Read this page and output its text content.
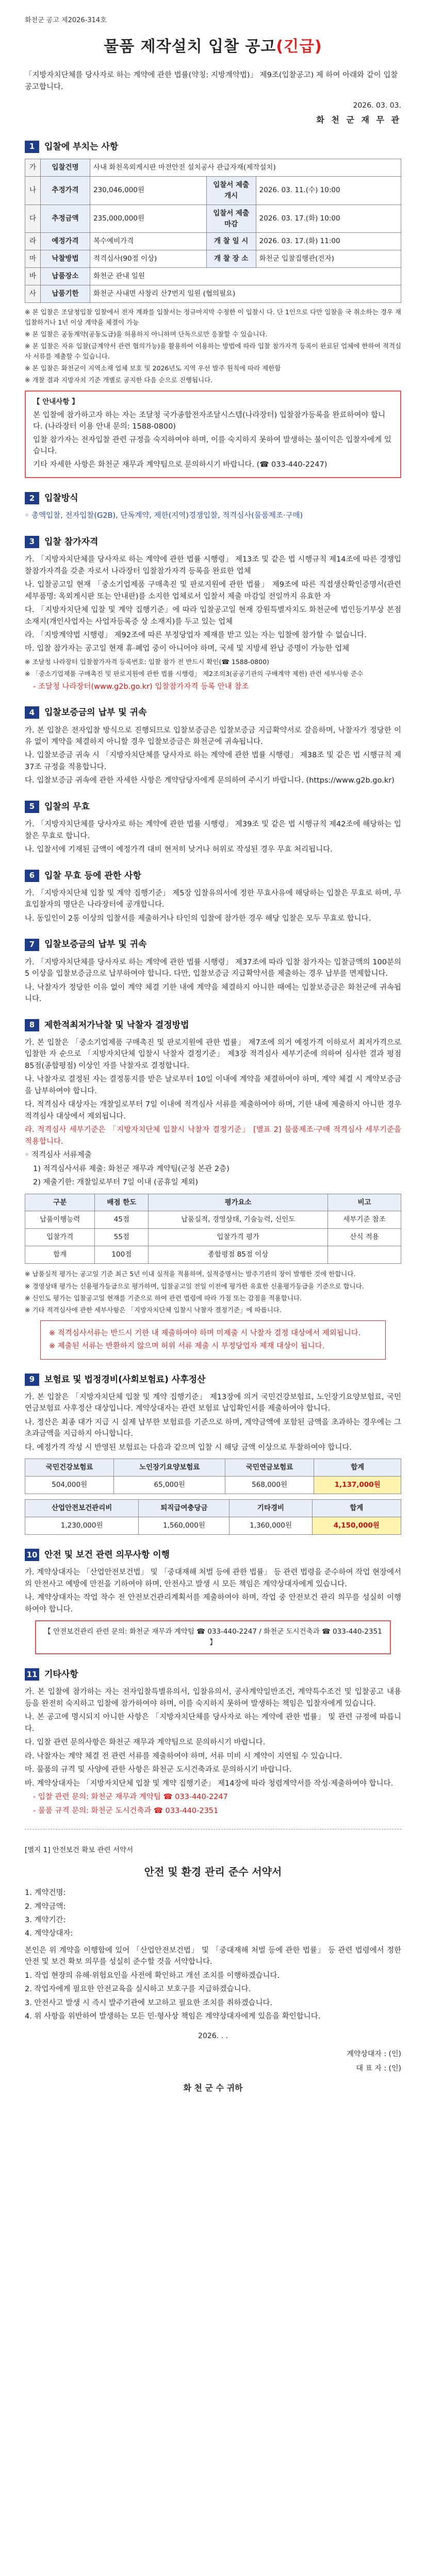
화천군 공고 제2026-314호
물품 제작설치 입찰 공고(긴급)
「지방자치단체를 당사자로 하는 계약에 관한 법률(약칭: 지방계약법)」 제9조(입찰공고) 제 하여 아래와 같이 입찰 공고합니다.
2026. 03. 03.
화 천 군 재 무 관
1	입찰에 부치는 사항
가	입찰건명	사내 화천옥외게시판 마전안전 설치공사 관급자재(제작설치)		
나	추정가격	230,046,000원	입찰서 제출 개시	2026. 03. 11.(수) 10:00
다	추정금액	235,000,000원	입찰서 제출 마감	2026. 03. 17.(화) 10:00
라	예정가격	복수예비가격	개 찰 일 시	2026. 03. 17.(화) 11:00
마	낙찰방법	적격심사(90점 이상)	개 찰 장 소	화천군 입찰집행관(전자)
바	납품장소	화천군 관내 일원		
사	납품기한	화천군 사내면 사창리 산7번지 일원 (협의필요)		
※ 본 입찰은 조달청입찰 입찰에서 전자 계좌를 입찰서는 정규마지막 수정한 이 입찰시 다. 단 1인으로 다만 입찰을 국 취소하는 경우 재입찰하거나 1년 이상 계약을 체결이 가능
※ 본 입찰은 공동계약(공동도급)을 허용하지 아니하며 단독으로만 응찰할 수 있습니다.
※ 본 입찰은 자유 입찰(금계약서 관련 협의가능)을 활용하여 이용하는 방법에 따라 입찰 참가자격 등록이 완료된 업체에 한하여 적격심사 서류를 제출할 수 있습니다.
※ 본 입찰은 화천군이 지역소재 업체 보호 및 2026년도 지역 우선 발주 원칙에 따라 제한함
※ 개찰 결과 지방자치 기준 개별로 공지한 다음 순으로 진행됩니다.
【 안내사항 】
본 입찰에 참가하고자 하는 자는 조달청 국가종합전자조달시스템(나라장터) 입찰참가등록을 완료하여야 합니다. (나라장터 이용 안내 문의: 1588-0800)
입찰 참가자는 전자입찰 관련 규정을 숙지하여야 하며, 이를 숙지하지 못하여 발생하는 불이익은 입찰자에게 있습니다.
기타 자세한 사항은 화천군 재무과 계약팀으로 문의하시기 바랍니다. (☎ 033-440-2247)
2	입찰방식
◦ 총액입찰, 전자입찰(G2B), 단독계약, 제한(지역)경쟁입찰, 적격심사(물품제조·구매)
3	입찰 참가자격
가. 「지방자치단체를 당사자로 하는 계약에 관한 법률 시행령」 제13조 및 같은 법 시행규칙 제14조에 따른 경쟁입찰참가자격을 갖춘 자로서 나라장터 입찰참가자격 등록을 완료한 업체
나. 입찰공고일 현재 「중소기업제품 구매촉진 및 판로지원에 관한 법률」 제9조에 따른 직접생산확인증명서(관련 세부품명: 옥외게시판 또는 안내판)를 소지한 업체로서 입찰서 제출 마감일 전일까지 유효한 자
다. 「지방자치단체 입찰 및 계약 집행기준」에 따라 입찰공고일 현재 강원특별자치도 화천군에 법인등기부상 본점 소재지(개인사업자는 사업자등록증 상 소재지)를 두고 있는 업체
라. 「지방계약법 시행령」 제92조에 따른 부정당업자 제재를 받고 있는 자는 입찰에 참가할 수 없습니다.
마. 입찰 참가자는 공고일 현재 휴·폐업 중이 아니어야 하며, 국세 및 지방세 완납 증명이 가능한 업체
※ 조달청 나라장터 입찰참가자격 등록번호: 입찰 참가 전 반드시 확인(☎ 1588-0800)
※ 「중소기업제품 구매촉진 및 판로지원에 관한 법률 시행령」 제2조의3(공공기관의 구매계약 제한) 관련 세부사항 준수
- 조달청 나라장터(www.g2b.go.kr) 입찰참가자격 등록 안내 참조
4	입찰보증금의 납부 및 귀속
가. 본 입찰은 전자입찰 방식으로 진행되므로 입찰보증금은 입찰보증금 지급확약서로 갈음하며, 낙찰자가 정당한 이유 없이 계약을 체결하지 아니할 경우 입찰보증금은 화천군에 귀속됩니다.
나. 입찰보증금 귀속 시 「지방자치단체를 당사자로 하는 계약에 관한 법률 시행령」 제38조 및 같은 법 시행규칙 제37조 규정을 적용합니다.
다. 입찰보증금 귀속에 관한 자세한 사항은 계약담당자에게 문의하여 주시기 바랍니다. (https://www.g2b.go.kr)
5	입찰의 무효
가. 「지방자치단체를 당사자로 하는 계약에 관한 법률 시행령」 제39조 및 같은 법 시행규칙 제42조에 해당하는 입찰은 무효로 합니다.
나. 입찰서에 기재된 금액이 예정가격 대비 현저히 낮거나 허위로 작성된 경우 무효 처리됩니다.
6	입찰 무효 등에 관한 사항
가. 「지방자치단체 입찰 및 계약 집행기준」 제5장 입찰유의서에 정한 무효사유에 해당하는 입찰은 무효로 하며, 무효입찰자의 명단은 나라장터에 공개합니다.
나. 동일인이 2통 이상의 입찰서를 제출하거나 타인의 입찰에 참가한 경우 해당 입찰은 모두 무효로 합니다.
7	입찰보증금의 납부 및 귀속
가. 「지방자치단체를 당사자로 하는 계약에 관한 법률 시행령」 제37조에 따라 입찰 참가자는 입찰금액의 100분의 5 이상을 입찰보증금으로 납부하여야 합니다. 다만, 입찰보증금 지급확약서를 제출하는 경우 납부를 면제합니다.
나. 낙찰자가 정당한 이유 없이 계약 체결 기한 내에 계약을 체결하지 아니한 때에는 입찰보증금은 화천군에 귀속됩니다.
8	제한적최저가낙찰 및 낙찰자 결정방법
가. 본 입찰은 「중소기업제품 구매촉진 및 판로지원에 관한 법률」 제7조에 의거 예정가격 이하로서 최저가격으로 입찰한 자 순으로 「지방자치단체 입찰시 낙찰자 결정기준」 제3장 적격심사 세부기준에 의하여 심사한 결과 평점 85점(종합평점) 이상인 자를 낙찰자로 결정합니다.
나. 낙찰자로 결정된 자는 결정통지를 받은 날로부터 10일 이내에 계약을 체결하여야 하며, 계약 체결 시 계약보증금을 납부하여야 합니다.
다. 적격심사 대상자는 개찰일로부터 7일 이내에 적격심사 서류를 제출하여야 하며, 기한 내에 제출하지 아니한 경우 적격심사 대상에서 제외됩니다.
라. 적격심사 세부기준은 「지방자치단체 입찰시 낙찰자 결정기준」 [별표 2] 물품제조·구매 적격심사 세부기준을 적용합니다.
◦ 적격심사 서류제출
1) 적격심사서류 제출: 화천군 재무과 계약팀(군청 본관 2층)
2) 제출기한: 개찰일로부터 7일 이내 (공휴일 제외)
구분	배점 한도	평가요소	비고
납품이행능력	45점	납품실적, 경영상태, 기술능력, 신인도	세부기준 참조
입찰가격	55점	입찰가격 평가	산식 적용
합계	100점	종합평점 85점 이상	
※ 납품실적 평가는 공고일 기준 최근 5년 이내 실적을 적용하며, 실적증명서는 발주기관의 장이 발행한 것에 한합니다.
※ 경영상태 평가는 신용평가등급으로 평가하며, 입찰공고일 전일 이전에 평가한 유효한 신용평가등급을 기준으로 합니다.
※ 신인도 평가는 입찰공고일 현재를 기준으로 하여 관련 법령에 따라 가점 또는 감점을 적용합니다.
※ 기타 적격심사에 관한 세부사항은 「지방자치단체 입찰시 낙찰자 결정기준」에 따릅니다.
※ 적격심사서류는 반드시 기한 내 제출하여야 하며 미제출 시 낙찰자 결정 대상에서 제외됩니다.
※ 제출된 서류는 반환하지 않으며 허위 서류 제출 시 부정당업자 제재 대상이 됩니다.
9	보험료 및 법정경비(사회보험료) 사후정산
가. 본 입찰은 「지방자치단체 입찰 및 계약 집행기준」 제13장에 의거 국민건강보험료, 노인장기요양보험료, 국민연금보험료 사후정산 대상입니다. 계약상대자는 관련 보험료 납입확인서를 제출하여야 합니다.
나. 정산은 최종 대가 지급 시 실제 납부한 보험료를 기준으로 하며, 계약금액에 포함된 금액을 초과하는 경우에는 그 초과금액을 지급하지 아니합니다.
다. 예정가격 작성 시 반영된 보험료는 다음과 같으며 입찰 시 해당 금액 이상으로 투찰하여야 합니다.
국민건강보험료	노인장기요양보험료	국민연금보험료	합계
504,000원	65,000원	568,000원	1,137,000원
산업안전보건관리비	퇴직급여충당금	기타경비	합계
1,230,000원	1,560,000원	1,360,000원	4,150,000원
10 안전 및 보건 관련 의무사항 이행
가. 계약상대자는 「산업안전보건법」 및 「중대재해 처벌 등에 관한 법률」 등 관련 법령을 준수하여 작업 현장에서의 안전사고 예방에 만전을 기하여야 하며, 안전사고 발생 시 모든 책임은 계약상대자에게 있습니다.
나. 계약상대자는 작업 착수 전 안전보건관리계획서를 제출하여야 하며, 작업 중 안전보건 관리 의무를 성실히 이행하여야 합니다.
【 안전보건관리 관련 문의: 화천군 재무과 계약팀 ☎ 033-440-2247 / 화천군 도시건축과 ☎ 033-440-2351 】
11 기타사항
가. 본 입찰에 참가하는 자는 전자입찰특별유의서, 입찰유의서, 공사계약일반조건, 계약특수조건 및 입찰공고 내용 등을 완전히 숙지하고 입찰에 참가하여야 하며, 이를 숙지하지 못하여 발생하는 책임은 입찰자에게 있습니다.
나. 본 공고에 명시되지 아니한 사항은 「지방자치단체를 당사자로 하는 계약에 관한 법률」 및 관련 규정에 따릅니다.
다. 입찰 관련 문의사항은 화천군 재무과 계약팀으로 문의하시기 바랍니다.
라. 낙찰자는 계약 체결 전 관련 서류를 제출하여야 하며, 서류 미비 시 계약이 지연될 수 있습니다.
마. 물품의 규격 및 사양에 관한 사항은 화천군 도시건축과로 문의하시기 바랍니다.
바. 계약상대자는 「지방자치단체 입찰 및 계약 집행기준」 제14장에 따라 청렴계약서를 작성·제출하여야 합니다.
- 입찰 관련 문의: 화천군 재무과 계약팀 ☎ 033-440-2247
- 물품 규격 문의: 화천군 도시건축과 ☎ 033-440-2351
[별지 1] 안전보건 확보 관련 서약서
안전 및 환경 관리 준수 서약서
1. 계약건명:
2. 계약금액:
3. 계약기간:
4. 계약상대자:
본인은 위 계약을 이행함에 있어 「산업안전보건법」 및 「중대재해 처벌 등에 관한 법률」 등 관련 법령에서 정한 안전 및 보건 확보 의무를 성실히 준수할 것을 서약합니다.
1. 작업 현장의 유해·위험요인을 사전에 확인하고 개선 조치를 이행하겠습니다.
2. 작업자에게 필요한 안전교육을 실시하고 보호구를 지급하겠습니다.
3. 안전사고 발생 시 즉시 발주기관에 보고하고 필요한 조치를 취하겠습니다.
4. 위 사항을 위반하여 발생하는 모든 민·형사상 책임은 계약상대자에게 있음을 확인합니다.
2026. . .
계약상대자 : (인)
대 표 자 : (인)
화 천 군 수 귀하
